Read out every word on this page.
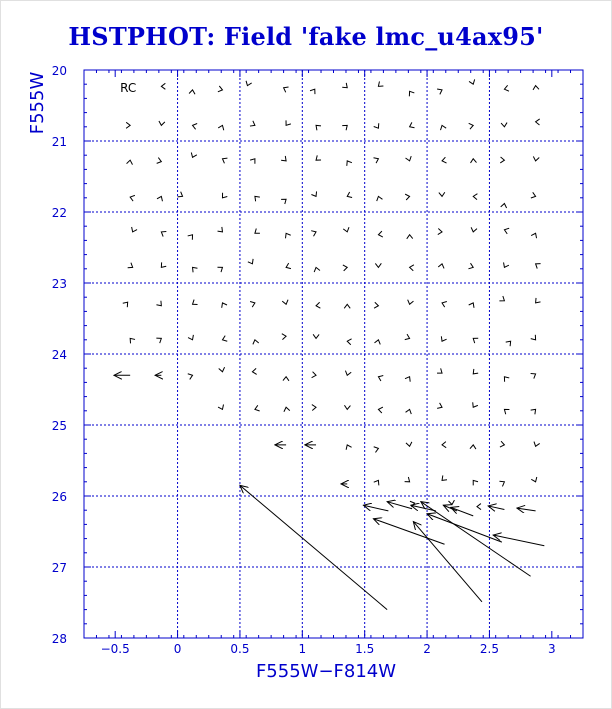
HSTPHOT: Field 'fake lmc_u4ax95'
−0.5	0	0.5	1	1.5	2	2.5	3
20
21
22
23
24
25
26
27
28
F555W−F814W
F555W	RC
